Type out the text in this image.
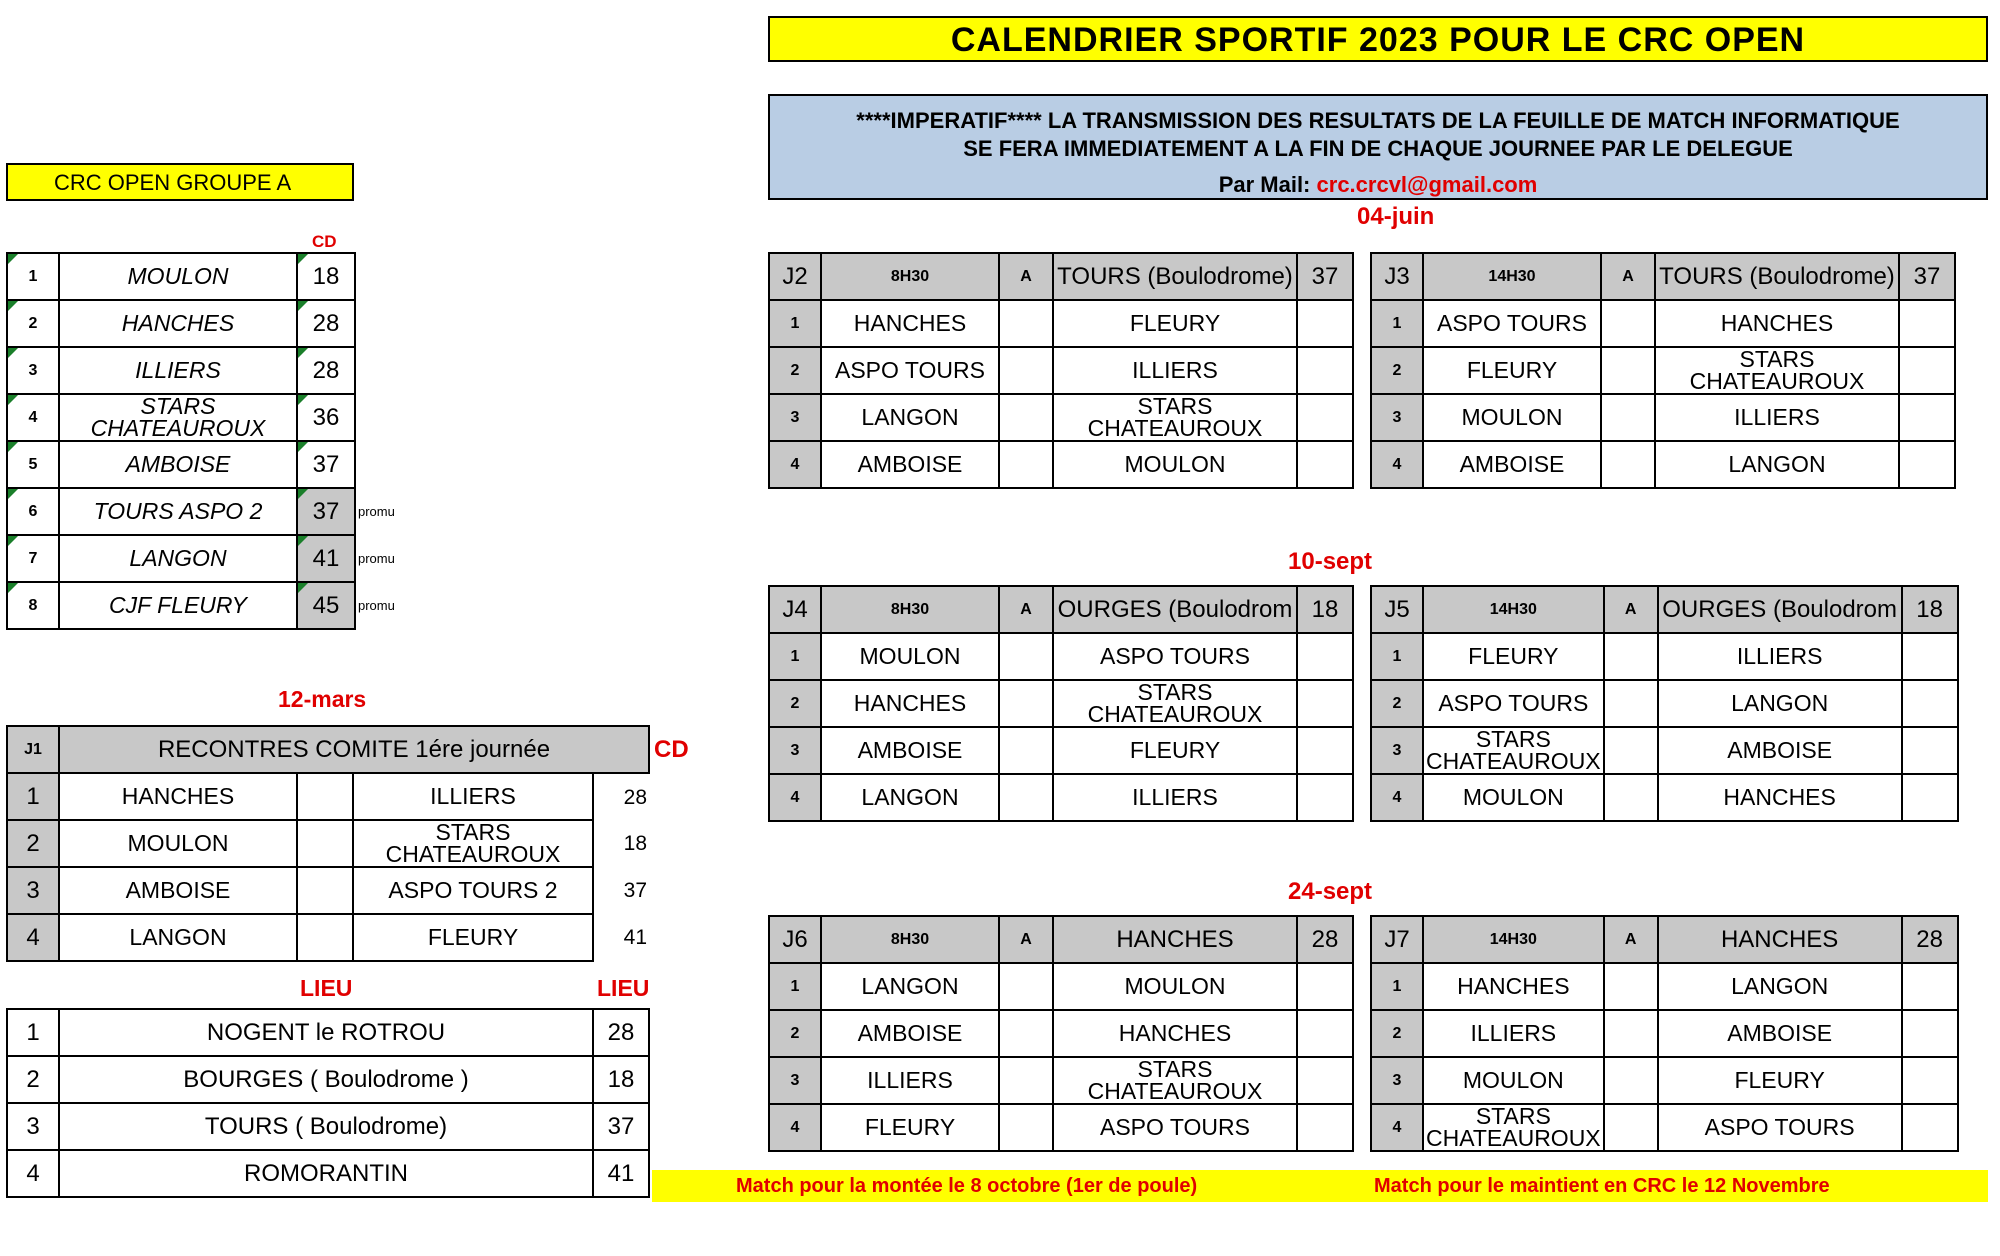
CALENDRIER SPORTIF 2023 POUR LE CRC OPEN
****IMPERATIF**** LA TRANSMISSION DES RESULTATS DE LA FEUILLE DE MATCH INFORMATIQUE
SE FERA IMMEDIATEMENT A LA FIN DE CHAQUE JOURNEE PAR LE DELEGUE
Par Mail: crc.crcvl@gmail.com
CRC OPEN GROUPE A
CD
1	MOULON	18	
2	HANCHES	28	
3	ILLIERS	28	
4	STARS CHATEAUROUX	36	
5	AMBOISE	37	
6	TOURS ASPO 2	37	promu
7	LANGON	41	promu
8	CJF FLEURY	45	promu
12-mars
J1	RECONTRES COMITE 1ére journée			
1	HANCHES		ILLIERS	28
2	MOULON		STARS CHATEAUROUX	18
3	AMBOISE		ASPO TOURS 2	37
4	LANGON		FLEURY	41
CD
LIEU	LIEU
1	NOGENT le ROTROU	28
2	BOURGES ( Boulodrome )	18
3	TOURS ( Boulodrome)	37
4	ROMORANTIN	41
04-juin
10-sept
24-sept
J2	8H30	A	TOURS (Boulodrome)	37
1	HANCHES		FLEURY	
2	ASPO TOURS		ILLIERS	
3	LANGON		STARS CHATEAUROUX	
4	AMBOISE		MOULON	
J3	14H30	A	TOURS (Boulodrome)	37
1	ASPO TOURS		HANCHES	
2	FLEURY		STARS CHATEAUROUX	
3	MOULON		ILLIERS	
4	AMBOISE		LANGON	
J4	8H30	A	OURGES (Boulodrom	18
1	MOULON		ASPO TOURS	
2	HANCHES		STARS CHATEAUROUX	
3	AMBOISE		FLEURY	
4	LANGON		ILLIERS	
J5	14H30	A	OURGES (Boulodrom	18
1	FLEURY		ILLIERS	
2	ASPO TOURS		LANGON	
3	STARS CHATEAUROUX		AMBOISE	
4	MOULON		HANCHES	
J6	8H30	A	HANCHES	28
1	LANGON		MOULON	
2	AMBOISE		HANCHES	
3	ILLIERS		STARS CHATEAUROUX	
4	FLEURY		ASPO TOURS	
J7	14H30	A	HANCHES	28
1	HANCHES		LANGON	
2	ILLIERS		AMBOISE	
3	MOULON		FLEURY	
4	STARS CHATEAUROUX		ASPO TOURS	
Match pour la montée le 8 octobre (1er de poule)	Match pour le maintient en CRC le 12 Novembre
